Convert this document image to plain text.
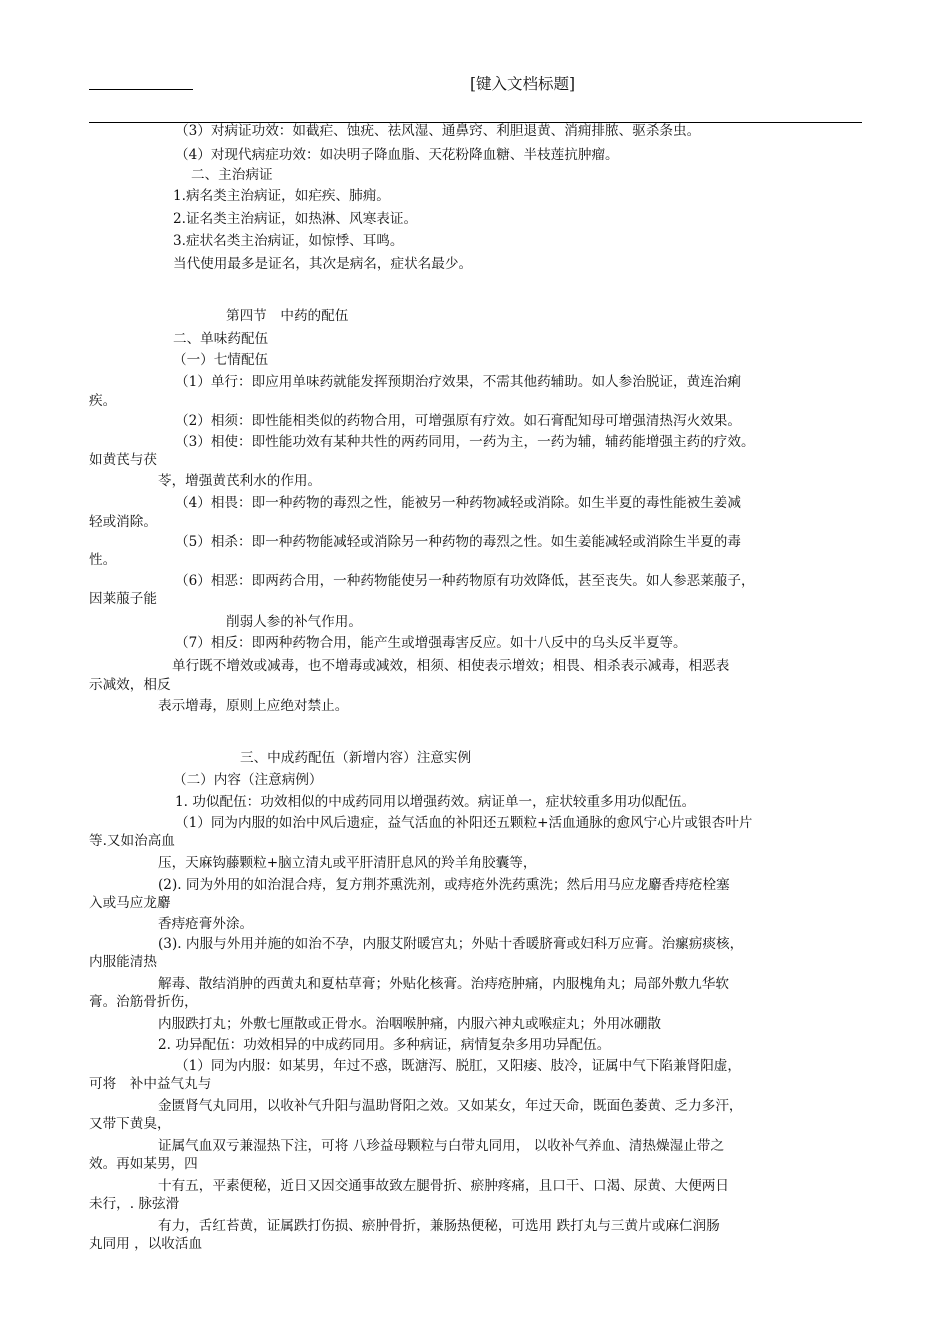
[键入文档标题]
（3）对病证功效：如截疟、蚀疣、祛风湿、通鼻窍、利胆退黄、消痈排脓、驱杀条虫。
（4）对现代病症功效：如决明子降血脂、天花粉降血糖、半枝莲抗肿瘤。
二、主治病证
1.病名类主治病证，如疟疾、肺痈。
2.证名类主治病证，如热淋、风寒表证。
3.症状名类主治病证，如惊悸、耳鸣。
当代使用最多是证名，其次是病名，症状名最少。
第四节　中药的配伍
二、单味药配伍
（一）七情配伍
（1）单行：即应用单味药就能发挥预期治疗效果，不需其他药辅助。如人参治脱证，黄连治痢
疾。
（2）相须：即性能相类似的药物合用，可增强原有疗效。如石膏配知母可增强清热泻火效果。
（3）相使：即性能功效有某种共性的两药同用，一药为主，一药为辅，辅药能增强主药的疗效。
如黄芪与茯
苓，增强黄芪利水的作用。
（4）相畏：即一种药物的毒烈之性，能被另一种药物减轻或消除。如生半夏的毒性能被生姜减
轻或消除。
（5）相杀：即一种药物能减轻或消除另一种药物的毒烈之性。如生姜能减轻或消除生半夏的毒
性。
（6）相恶：即两药合用，一种药物能使另一种药物原有功效降低，甚至丧失。如人参恶莱菔子，
因莱菔子能
削弱人参的补气作用。
（7）相反：即两种药物合用，能产生或增强毒害反应。如十八反中的乌头反半夏等。
单行既不增效或减毒，也不增毒或减效，相须、相使表示增效；相畏、相杀表示减毒，相恶表
示减效，相反
表示增毒，原则上应绝对禁止。
三、中成药配伍（新增内容）注意实例
（二）内容（注意病例）
1. 功似配伍：功效相似的中成药同用以增强药效。病证单一，症状较重多用功似配伍。
（1）同为内服的如治中风后遗症，益气活血的补阳还五颗粒+活血通脉的愈风宁心片或银杏叶片
等.又如治高血
压，天麻钩藤颗粒+脑立清丸或平肝清肝息风的羚羊角胶囊等，
(2). 同为外用的如治混合痔，复方荆芥熏洗剂，或痔疮外洗药熏洗；然后用马应龙麝香痔疮栓塞
入或马应龙麝
香痔疮膏外涂。
(3). 内服与外用并施的如治不孕，内服艾附暖宫丸；外贴十香暖脐膏或妇科万应膏。治瘰疬痰核，
内服能清热
解毒、散结消肿的西黄丸和夏枯草膏；外贴化核膏。治痔疮肿痛，内服槐角丸；局部外敷九华软
膏。治筋骨折伤，
内服跌打丸；外敷七厘散或正骨水。治咽喉肿痛，内服六神丸或喉症丸；外用冰硼散
2. 功异配伍：功效相异的中成药同用。多种病证，病情复杂多用功异配伍。
（1）同为内服：如某男，年过不惑，既溏泻、脱肛，又阳痿、肢冷，证属中气下陷兼肾阳虚，
可将　补中益气丸与
金匮肾气丸同用，以收补气升阳与温助肾阳之效。又如某女，年过天命，既面色萎黄、乏力多汗，
又带下黄臭，
证属气血双亏兼湿热下注，可将 八珍益母颗粒与白带丸同用， 以收补气养血、清热燥湿止带之
效。再如某男，四
十有五，平素便秘，近日又因交通事故致左腿骨折、瘀肿疼痛，且口干、口渴、尿黄、大便两日
未行，. 脉弦滑
有力，舌红苔黄，证属跌打伤损、瘀肿骨折，兼肠热便秘，可选用 跌打丸与三黄片或麻仁润肠
丸同用 ，以收活血
